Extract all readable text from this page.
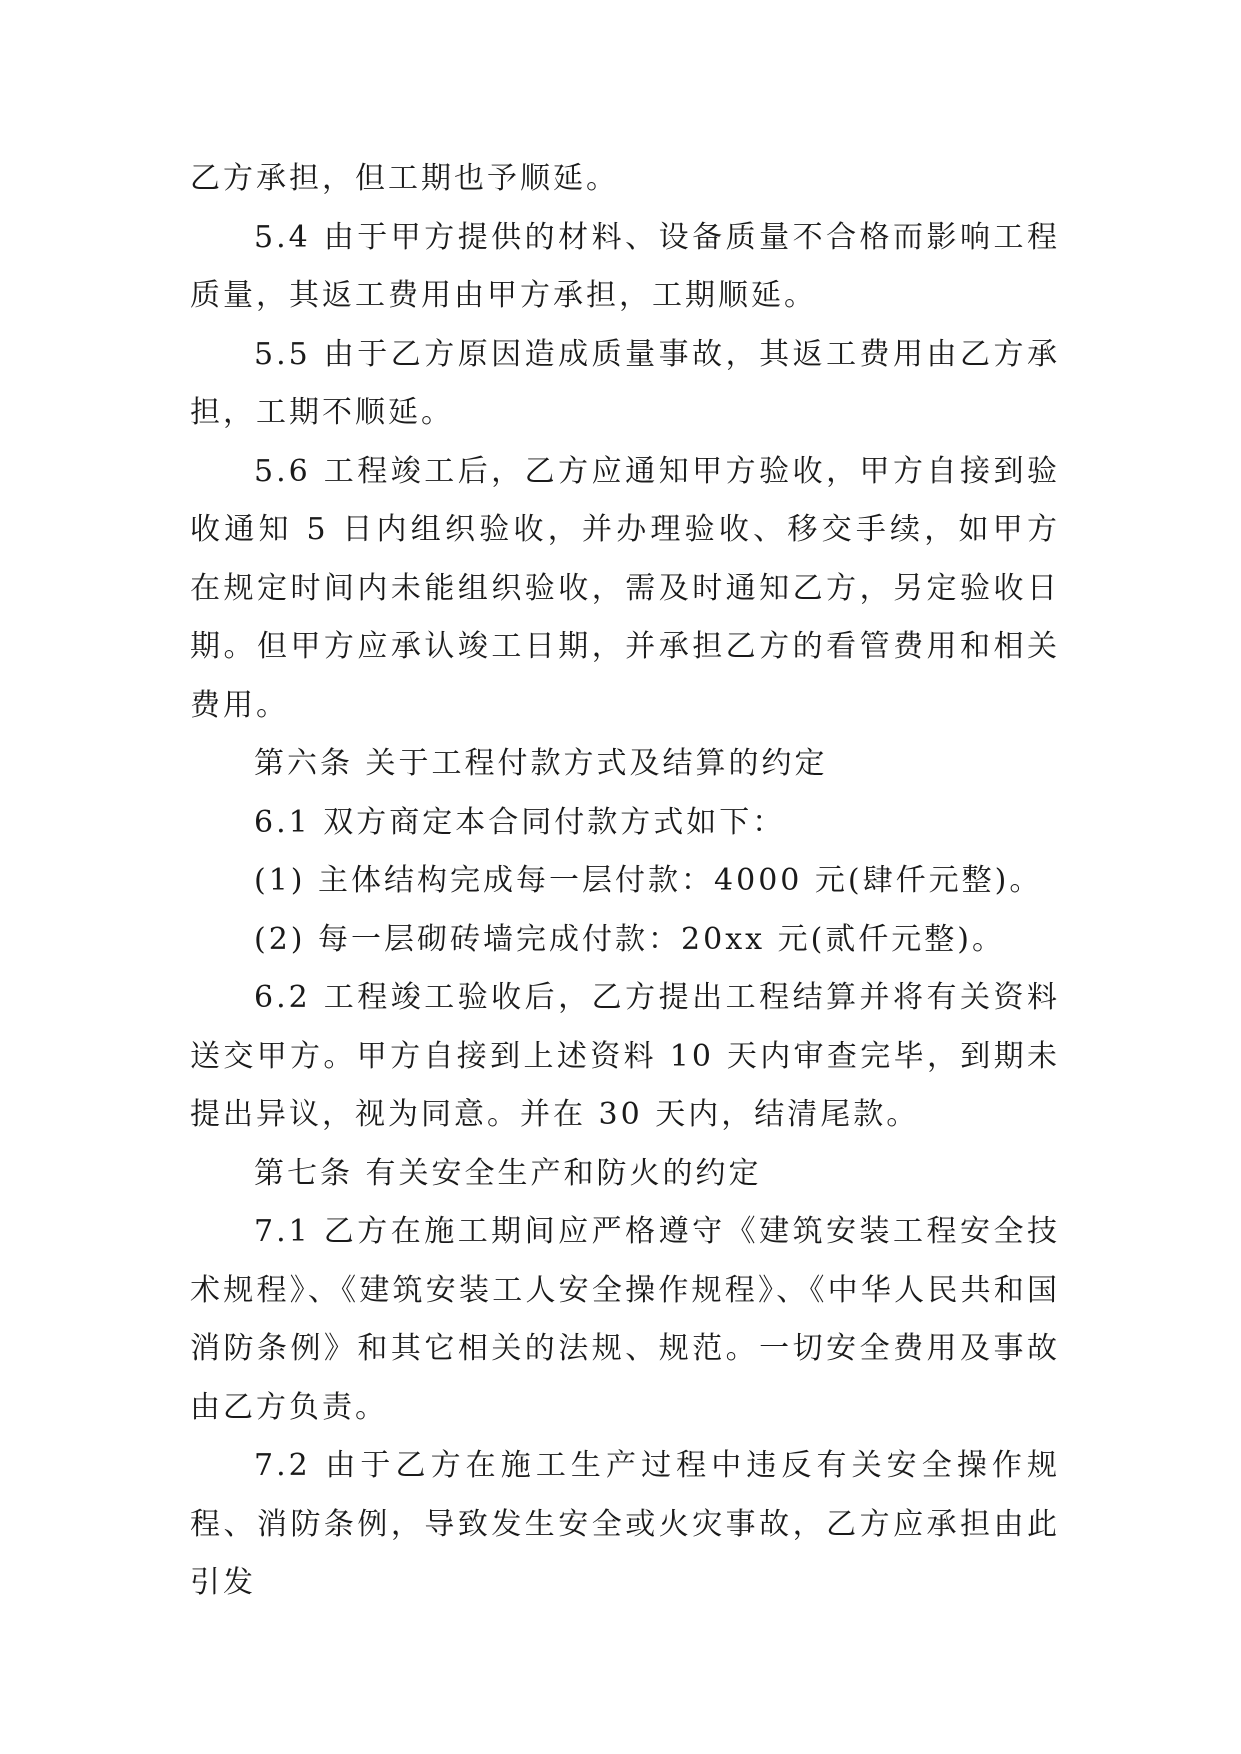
乙方承担，但工期也予顺延。

5.4 由于甲方提供的材料、设备质量不合格而影响工程质量，其返工费用由甲方承担，工期顺延。

5.5 由于乙方原因造成质量事故，其返工费用由乙方承担，工期不顺延。

5.6 工程竣工后，乙方应通知甲方验收，甲方自接到验收通知 5 日内组织验收，并办理验收、移交手续，如甲方在规定时间内未能组织验收，需及时通知乙方，另定验收日期。但甲方应承认竣工日期，并承担乙方的看管费用和相关费用。

第六条 关于工程付款方式及结算的约定

6.1 双方商定本合同付款方式如下：

(1) 主体结构完成每一层付款：4000 元(肆仟元整)。

(2) 每一层砌砖墙完成付款：20xx 元(贰仟元整)。

6.2 工程竣工验收后，乙方提出工程结算并将有关资料送交甲方。甲方自接到上述资料 10 天内审查完毕，到期未提出异议，视为同意。并在 30 天内，结清尾款。

第七条 有关安全生产和防火的约定

7.1 乙方在施工期间应严格遵守《建筑安装工程安全技术规程》、《建筑安装工人安全操作规程》、《中华人民共和国消防条例》和其它相关的法规、规范。一切安全费用及事故由乙方负责。

7.2 由于乙方在施工生产过程中违反有关安全操作规程、消防条例，导致发生安全或火灾事故，乙方应承担由此引发
